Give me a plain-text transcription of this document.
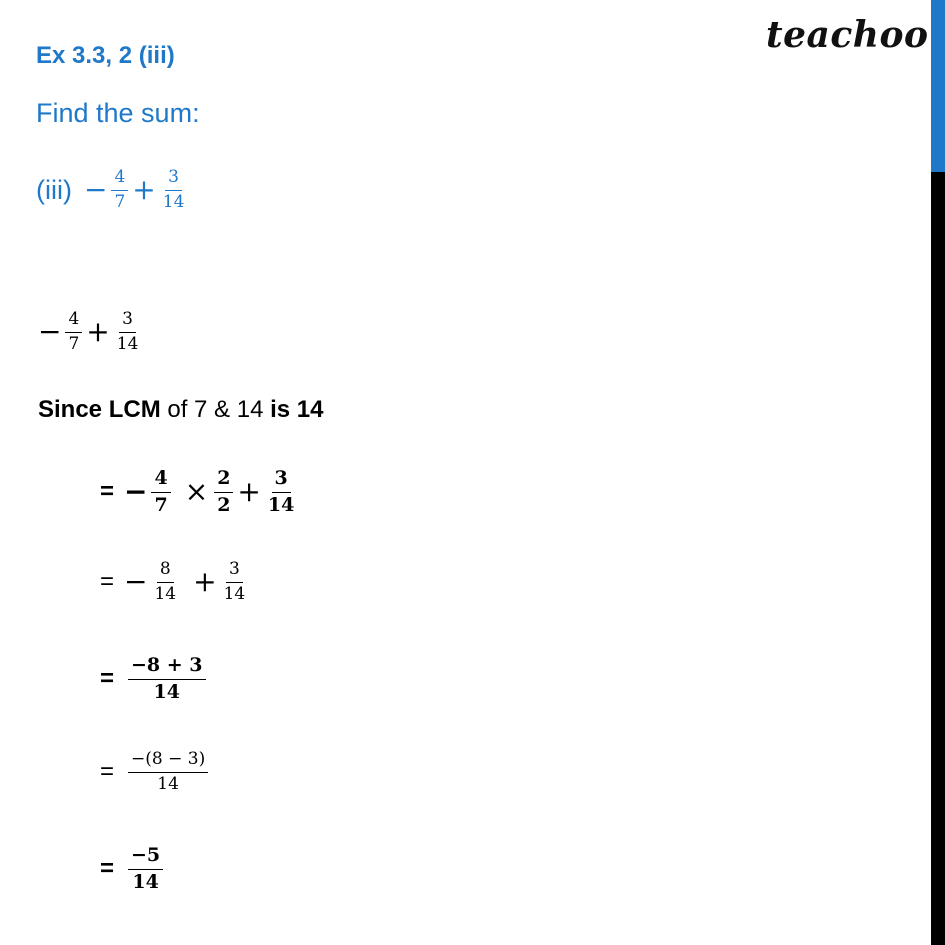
Ex 3.3, 2 (iii)	teachoo
Find the sum:
$(iii) - \frac{4}{7} + \frac{3}{14}$
− $\frac{4}{7} + \frac{3}{14}$
Since LCM of 7 & 14 is 14
= − $\frac{4}{7} \times \frac{2}{2} + \frac{3}{14}$
= − $\frac{8}{14} + \frac{3}{14}$
= $\frac{-8 + 3}{14}$
= $\frac{-(8 - 3)}{14}$
= $\frac{-5}{14}$
